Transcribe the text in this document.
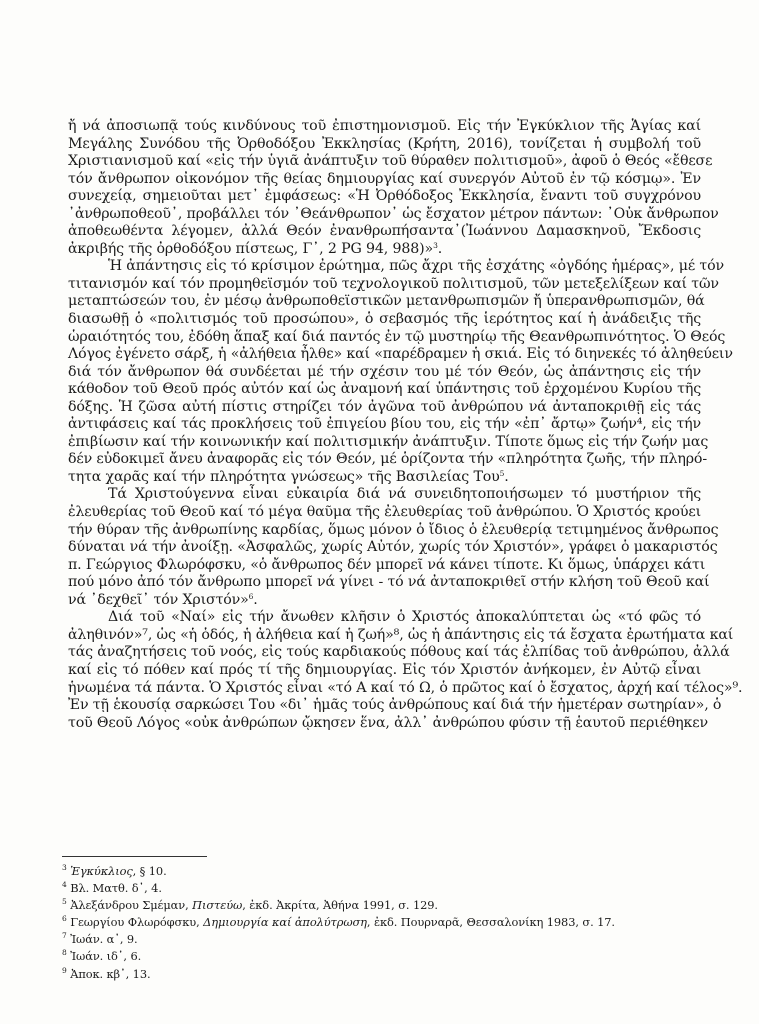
ἤ νά ἀποσιωπᾷ τούς κινδύνους τοῦ ἐπιστημονισμοῦ. Εἰς τήν Ἐγκύκλιον τῆς Ἁγίας καί
Μεγάλης Συνόδου τῆς Ὀρθοδόξου Ἐκκλησίας (Κρήτη, 2016), τονίζεται ἡ συμβολή τοῦ
Χριστιανισμοῦ καί «εἰς τήν ὑγιᾶ ἀνάπτυξιν τοῦ θύραθεν πολιτισμοῦ», ἀφοῦ ὁ Θεός «ἔθεσε
τόν ἄνθρωπον οἰκονόμον τῆς θείας δημιουργίας καί συνεργόν Αὐτοῦ ἐν τῷ κόσμῳ». Ἐν
συνεχείᾳ, σημειοῦται μετ᾿ ἐμφάσεως: «Ἡ Ὀρθόδοξος Ἐκκλησία, ἔναντι τοῦ συγχρόνου
᾿ἀνθρωποθεοῦ᾿, προβάλλει τόν ᾿Θεάνθρωπον᾿ ὡς ἔσχατον μέτρον πάντων: ᾿Οὐκ ἄνθρωπον
ἀποθεωθέντα λέγομεν, ἀλλά Θεόν ἐνανθρωπήσαντα᾿(Ἰωάννου Δαμασκηνοῦ, Ἔκδοσις
ἀκριβής τῆς ὀρθοδόξου πίστεως, Γ᾿, 2 PG 94, 988)»$^3$.
Ἡ ἀπάντησις εἰς τό κρίσιμον ἐρώτημα, πῶς ἄχρι τῆς ἐσχάτης «ὀγδόης ἡμέρας», μέ τόν
τιτανισμόν καί τόν προμηθεϊσμόν τοῦ τεχνολογικοῦ πολιτισμοῦ, τῶν μετεξελίξεων καί τῶν
μεταπτώσεών του, ἐν μέσῳ ἀνθρωποθεϊστικῶν μετανθρωπισμῶν ἤ ὑπερανθρωπισμῶν, θά
διασωθῇ ὁ «πολιτισμός τοῦ προσώπου», ὁ σεβασμός τῆς ἱερότητος καί ἡ ἀνάδειξις τῆς
ὡραιότητός του, ἐδόθη ἅπαξ καί διά παντός ἐν τῷ μυστηρίῳ τῆς Θεανθρωπινότητος. Ὁ Θεός
Λόγος ἐγένετο σάρξ, ἡ «ἀλήθεια ἦλθε» καί «παρέδραμεν ἡ σκιά. Εἰς τό διηνεκές τό ἀληθεύειν
διά τόν ἄνθρωπον θά συνδέεται μέ τήν σχέσιν του μέ τόν Θεόν, ὡς ἀπάντησις εἰς τήν
κάθοδον τοῦ Θεοῦ πρός αὐτόν καί ὡς ἀναμονή καί ὑπάντησις τοῦ ἐρχομένου Κυρίου τῆς
δόξης. Ἡ ζῶσα αὐτή πίστις στηρίζει τόν ἀγῶνα τοῦ ἀνθρώπου νά ἀνταποκριθῇ εἰς τάς
ἀντιφάσεις καί τάς προκλήσεις τοῦ ἐπιγείου βίου του, εἰς τήν «ἐπ᾿ ἄρτῳ» ζωήν⁴, εἰς τήν
ἐπιβίωσιν καί τήν κοινωνικήν καί πολιτισμικήν ἀνάπτυξιν. Τίποτε ὅμως εἰς τήν ζωήν μας
δέν εὐδοκιμεῖ ἄνευ ἀναφορᾶς εἰς τόν Θεόν, μέ ὁρίζοντα τήν «πληρότητα ζωῆς, τήν πληρό-
τητα χαρᾶς καί τήν πληρότητα γνώσεως» τῆς Βασιλείας Του$^5$.
Τά Χριστούγεννα εἶναι εὐκαιρία διά νά συνειδητοποιήσωμεν τό μυστήριον τῆς
ἐλευθερίας τοῦ Θεοῦ καί τό μέγα θαῦμα τῆς ἐλευθερίας τοῦ ἀνθρώπου. Ὁ Χριστός κρούει
τήν θύραν τῆς ἀνθρωπίνης καρδίας, ὅμως μόνον ὁ ἴδιος ὁ ἐλευθερίᾳ τετιμημένος ἄνθρωπος
δύναται νά τήν ἀνοίξῃ. «Ἀσφαλῶς, χωρίς Αὐτόν, χωρίς τόν Χριστόν», γράφει ὁ μακαριστός
π. Γεώργιος Φλωρόφσκυ, «ὁ ἄνθρωπος δέν μπορεῖ νά κάνει τίποτε. Κι ὅμως, ὑπάρχει κάτι
πού μόνο ἀπό τόν ἄνθρωπο μπορεῖ νά γίνει - τό νά ἀνταποκριθεῖ στήν κλήση τοῦ Θεοῦ καί
νά ᾿δεχθεῖ᾿ τόν Χριστόν»$^6$.
Διά τοῦ «Ναί» εἰς τήν ἄνωθεν κλῆσιν ὁ Χριστός ἀποκαλύπτεται ὡς «τό φῶς τό
ἀληθινόν»⁷, ὡς «ἡ ὁδός, ἡ ἀλήθεια καί ἡ ζωή»⁸, ὡς ἡ ἀπάντησις εἰς τά ἔσχατα ἐρωτήματα καί
τάς ἀναζητήσεις τοῦ νοός, εἰς τούς καρδιακούς πόθους καί τάς ἐλπίδας τοῦ ἀνθρώπου, ἀλλά
καί εἰς τό πόθεν καί πρός τί τῆς δημιουργίας. Εἰς τόν Χριστόν ἀνήκομεν, ἐν Αὐτῷ εἶναι
ἡνωμένα τά πάντα. Ὁ Χριστός εἶναι «τό Α καί τό Ω, ὁ πρῶτος καί ὁ ἔσχατος, ἀρχή καί τέλος»⁹.
Ἐν τῇ ἑκουσίᾳ σαρκώσει Του «δι᾿ ἡμᾶς τούς ἀνθρώπους καί διά τήν ἡμετέραν σωτηρίαν», ὁ
τοῦ Θεοῦ Λόγος «οὐκ ἀνθρώπων ᾤκησεν ἕνα, ἀλλ᾿ ἀνθρώπου φύσιν τῇ ἑαυτοῦ περιέθηκεν
$^3$ Ἐγκύκλιος, § 10.
$^4$ Βλ. Ματθ. δ᾿, 4.
$^5$ Ἀλεξάνδρου Σμέμαν, Πιστεύω, ἐκδ. Ἀκρίτα, Ἀθήνα 1991, σ. 129.
$^6$ Γεωργίου Φλωρόφσκυ, Δημιουργία καί ἀπολύτρωση, ἐκδ. Πουρναρᾶ, Θεσσαλονίκη 1983, σ. 17.
$^7$ Ἰωάν. α᾿, 9.
$^8$ Ἰωάν. ιδ᾿, 6.
$^9$ Ἀποκ. κβ᾿, 13.
